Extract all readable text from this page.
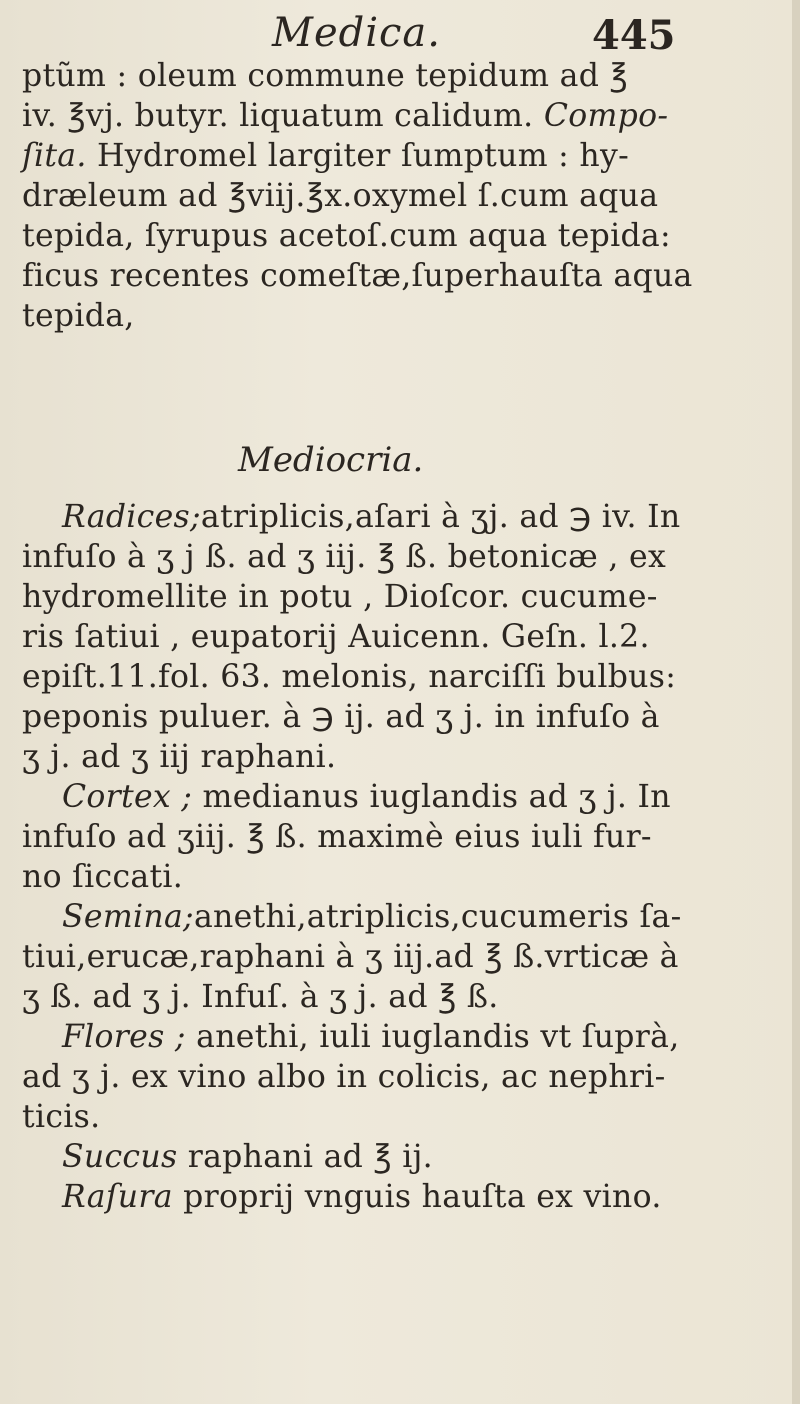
Medica.	445
ptũm : oleum commune tepidum ad ℥
iv. ℥vj. butyr. liquatum calidum. Compo-
ſita. Hydromel largiter ſumptum : hy-
dræleum ad ℥viij.℥x.oxymel ſ.cum aqua
tepida, ſyrupus acetoſ.cum aqua tepida:
ficus recentes comeſtæ,ſuperhauſta aqua
tepida,
Mediocria.
Radices;atriplicis,aſari à ʒj. ad ℈ iv. In
infuſo à ʒ j ß. ad ʒ iij. ℥ ß. betonicæ , ex
hydromellite in potu , Dioſcor. cucume-
ris ſatiui , eupatorij Auicenn. Geſn. l.2.
epiſt.11.fol. 63. melonis, narciſſi bulbus:
peponis puluer. à ℈ ij. ad ʒ j. in infuſo à
ʒ j. ad ʒ iij raphani.
Cortex ; medianus iuglandis ad ʒ j. In
infuſo ad ʒiij. ℥ ß. maximè eius iuli fur-
no ſiccati.
Semina;anethi,atriplicis,cucumeris ſa-
tiui,erucæ,raphani à ʒ iij.ad ℥ ß.vrticæ à
ʒ ß. ad ʒ j. Infuſ. à ʒ j. ad ℥ ß.
Flores ; anethi, iuli iuglandis vt ſuprà,
ad ʒ j. ex vino albo in colicis, ac nephri-
ticis.
Succus raphani ad ℥ ij.
Raſura proprij vnguis hauſta ex vino.
